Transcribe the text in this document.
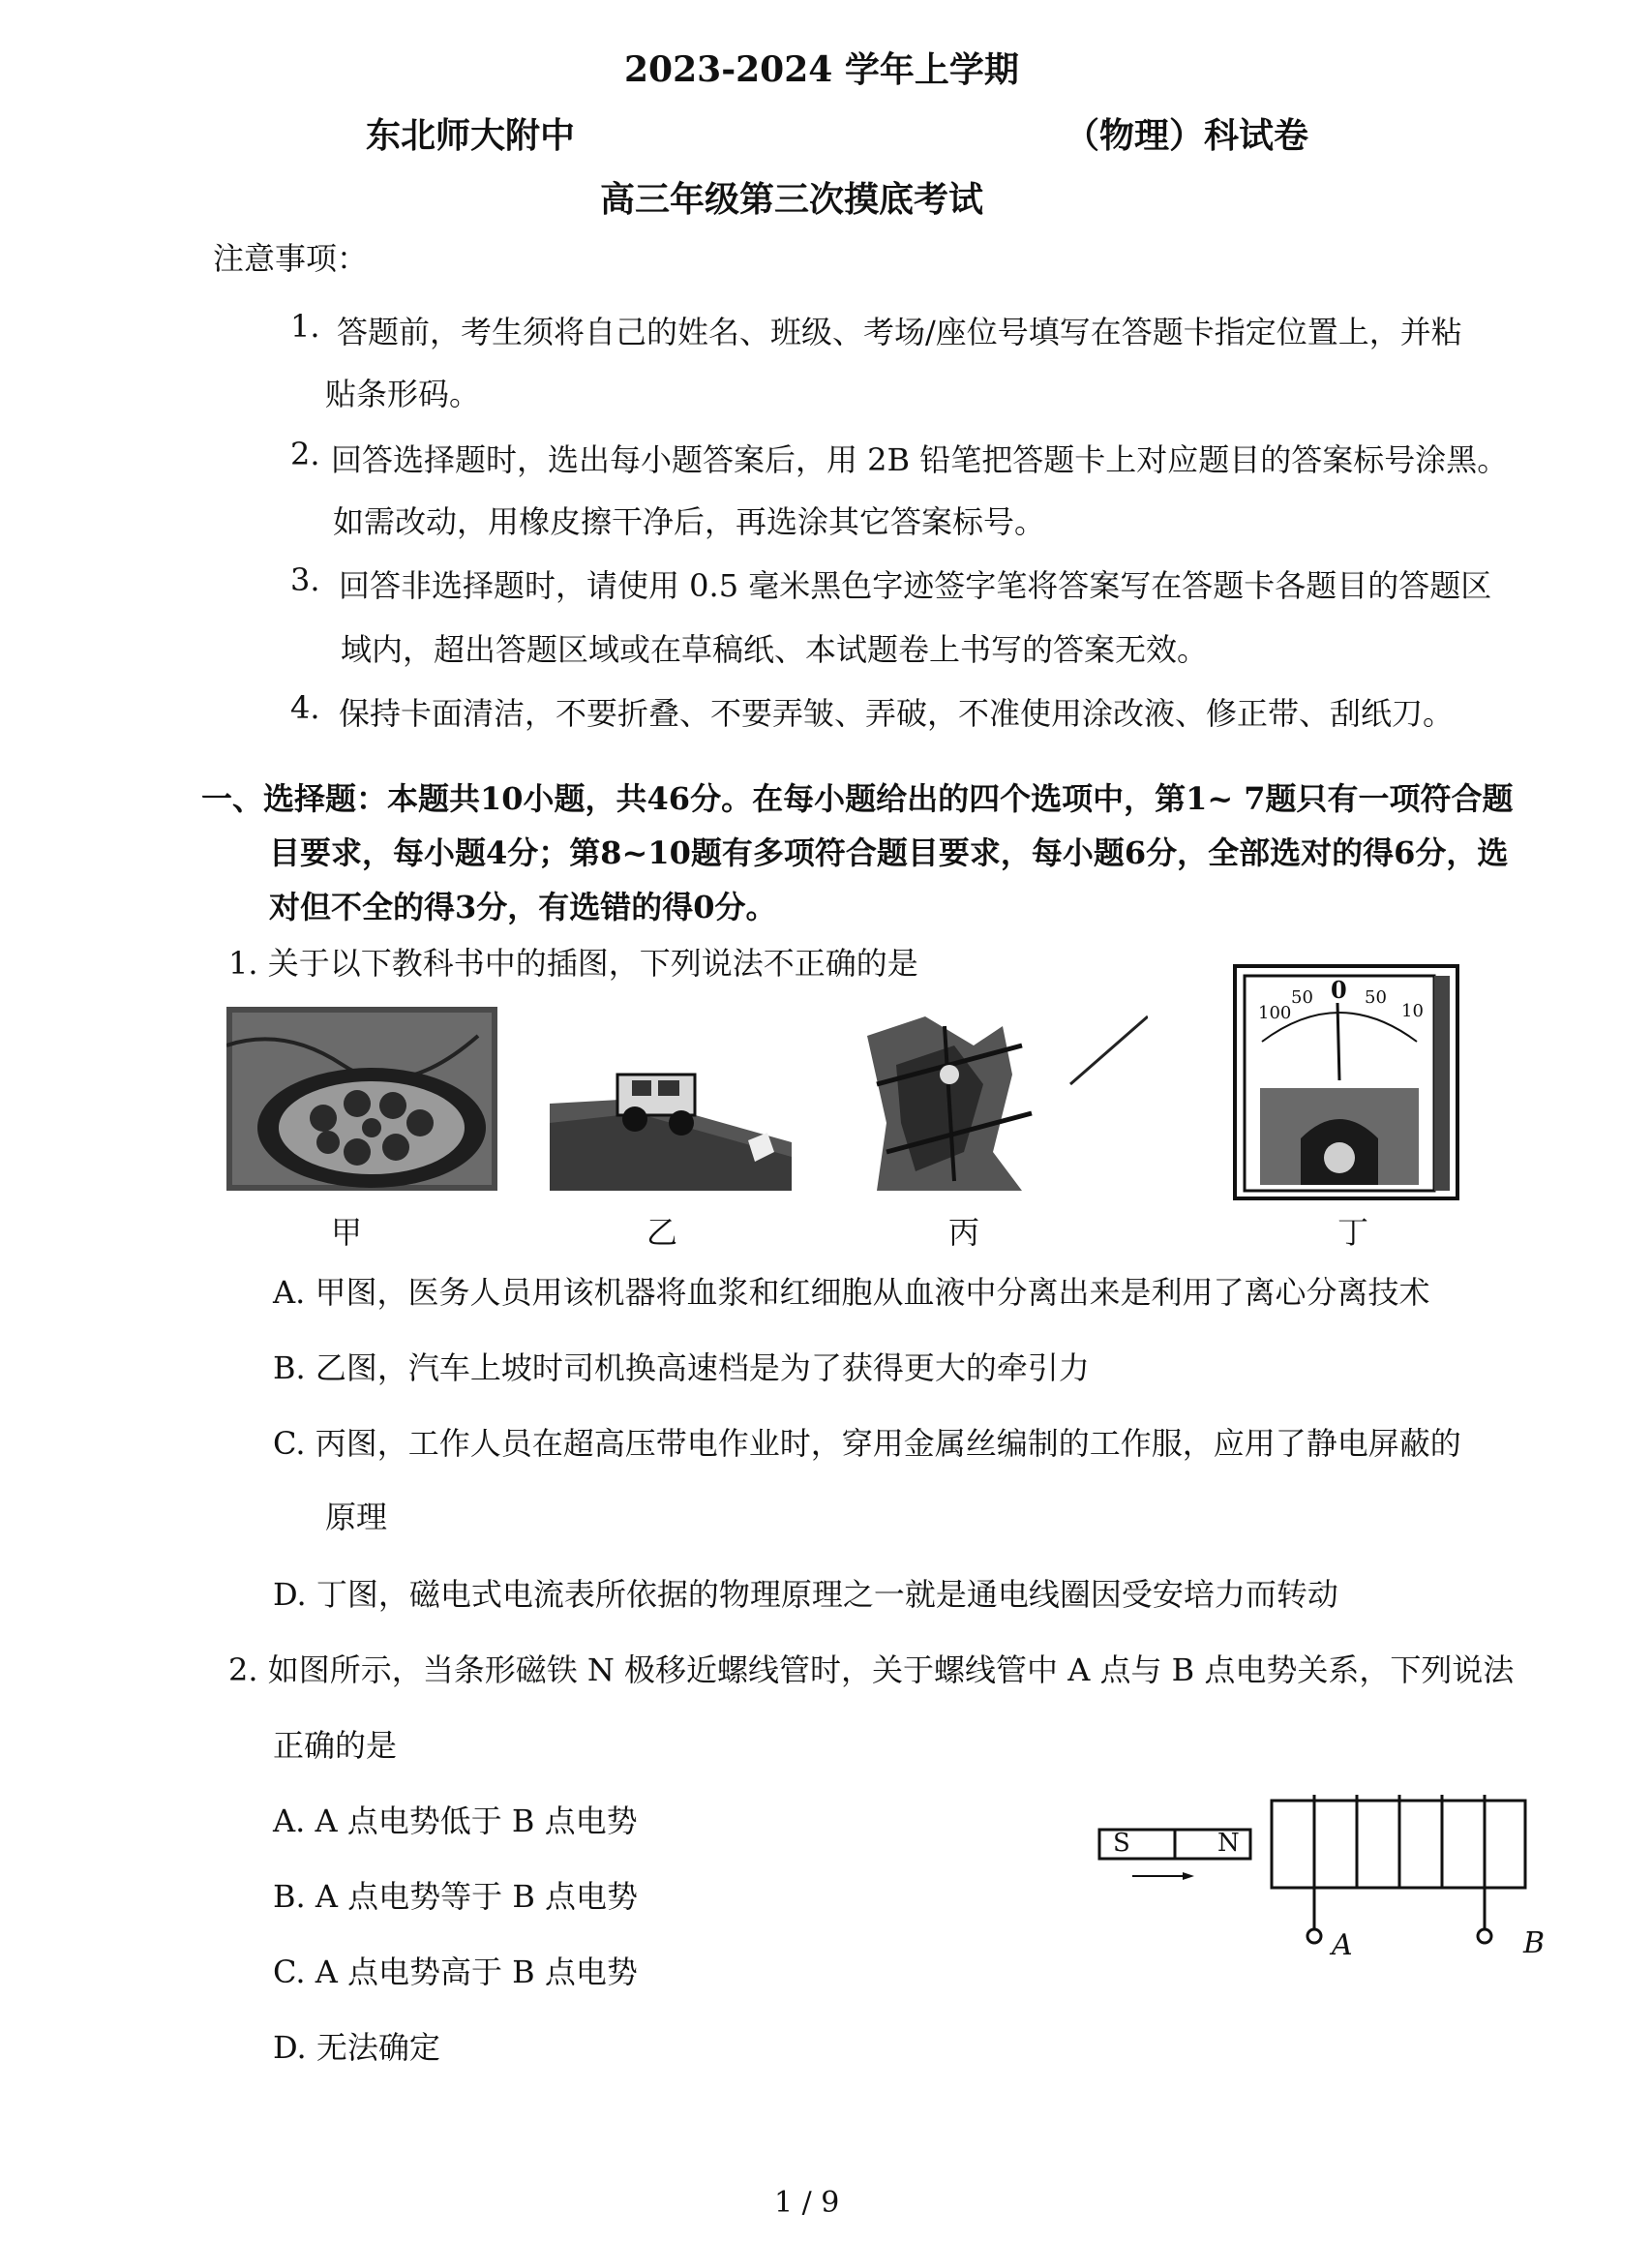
2023-2024 学年上学期
东北师大附中	（物理）科试卷
高三年级第三次摸底考试
注意事项：
1. 答题前，考生须将自己的姓名、班级、考场/座位号填写在答题卡指定位置上，并粘
贴条形码。
2. 回答选择题时，选出每小题答案后，用 2B 铅笔把答题卡上对应题目的答案标号涂黑。
如需改动，用橡皮擦干净后，再选涂其它答案标号。
3. 回答非选择题时，请使用 0.5 毫米黑色字迹签字笔将答案写在答题卡各题目的答题区
域内，超出答题区域或在草稿纸、本试题卷上书写的答案无效。
4. 保持卡面清洁，不要折叠、不要弄皱、弄破，不准使用涂改液、修正带、刮纸刀。
一、选择题：本题共10小题，共46分。在每小题给出的四个选项中，第1~ 7题只有一项符合题
目要求，每小题4分；第8~10题有多项符合题目要求，每小题6分，全部选对的得6分，选
对但不全的得3分，有选错的得0分。
1. 关于以下教科书中的插图，下列说法不正确的是
甲	乙	丙
100
50 0 50
10
丁
A. 甲图，医务人员用该机器将血浆和红细胞从血液中分离出来是利用了离心分离技术
B. 乙图，汽车上坡时司机换高速档是为了获得更大的牵引力
C. 丙图，工作人员在超高压带电作业时，穿用金属丝编制的工作服，应用了静电屏蔽的
原理
D. 丁图，磁电式电流表所依据的物理原理之一就是通电线圈因受安培力而转动
2. 如图所示，当条形磁铁 N 极移近螺线管时，关于螺线管中 A 点与 B 点电势关系，下列说法
正确的是
A. A 点电势低于 B 点电势
B. A 点电势等于 B 点电势
C. A 点电势高于 B 点电势
D. 无法确定
S	N
A	B
1 / 9
